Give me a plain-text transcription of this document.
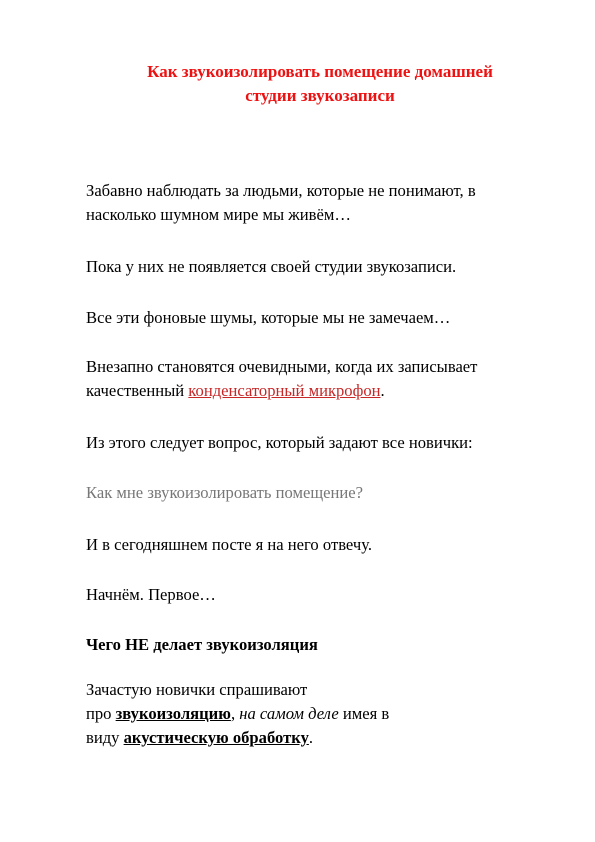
Как звукоизолировать помещение домашней
студии звукозаписи
Забавно наблюдать за людьми, которые не понимают, в
насколько шумном мире мы живём…
Пока у них не появляется своей студии звукозаписи.
Все эти фоновые шумы, которые мы не замечаем…
Внезапно становятся очевидными, когда их записывает
качественный конденсаторный микрофон.
Из этого следует вопрос, который задают все новички:
Как мне звукоизолировать помещение?
И в сегодняшнем посте я на него отвечу.
Начнём. Первое…
Чего НЕ делает звукоизоляция
Зачастую новички спрашивают
про звукоизоляцию, на самом деле имея в
виду акустическую обработку.
